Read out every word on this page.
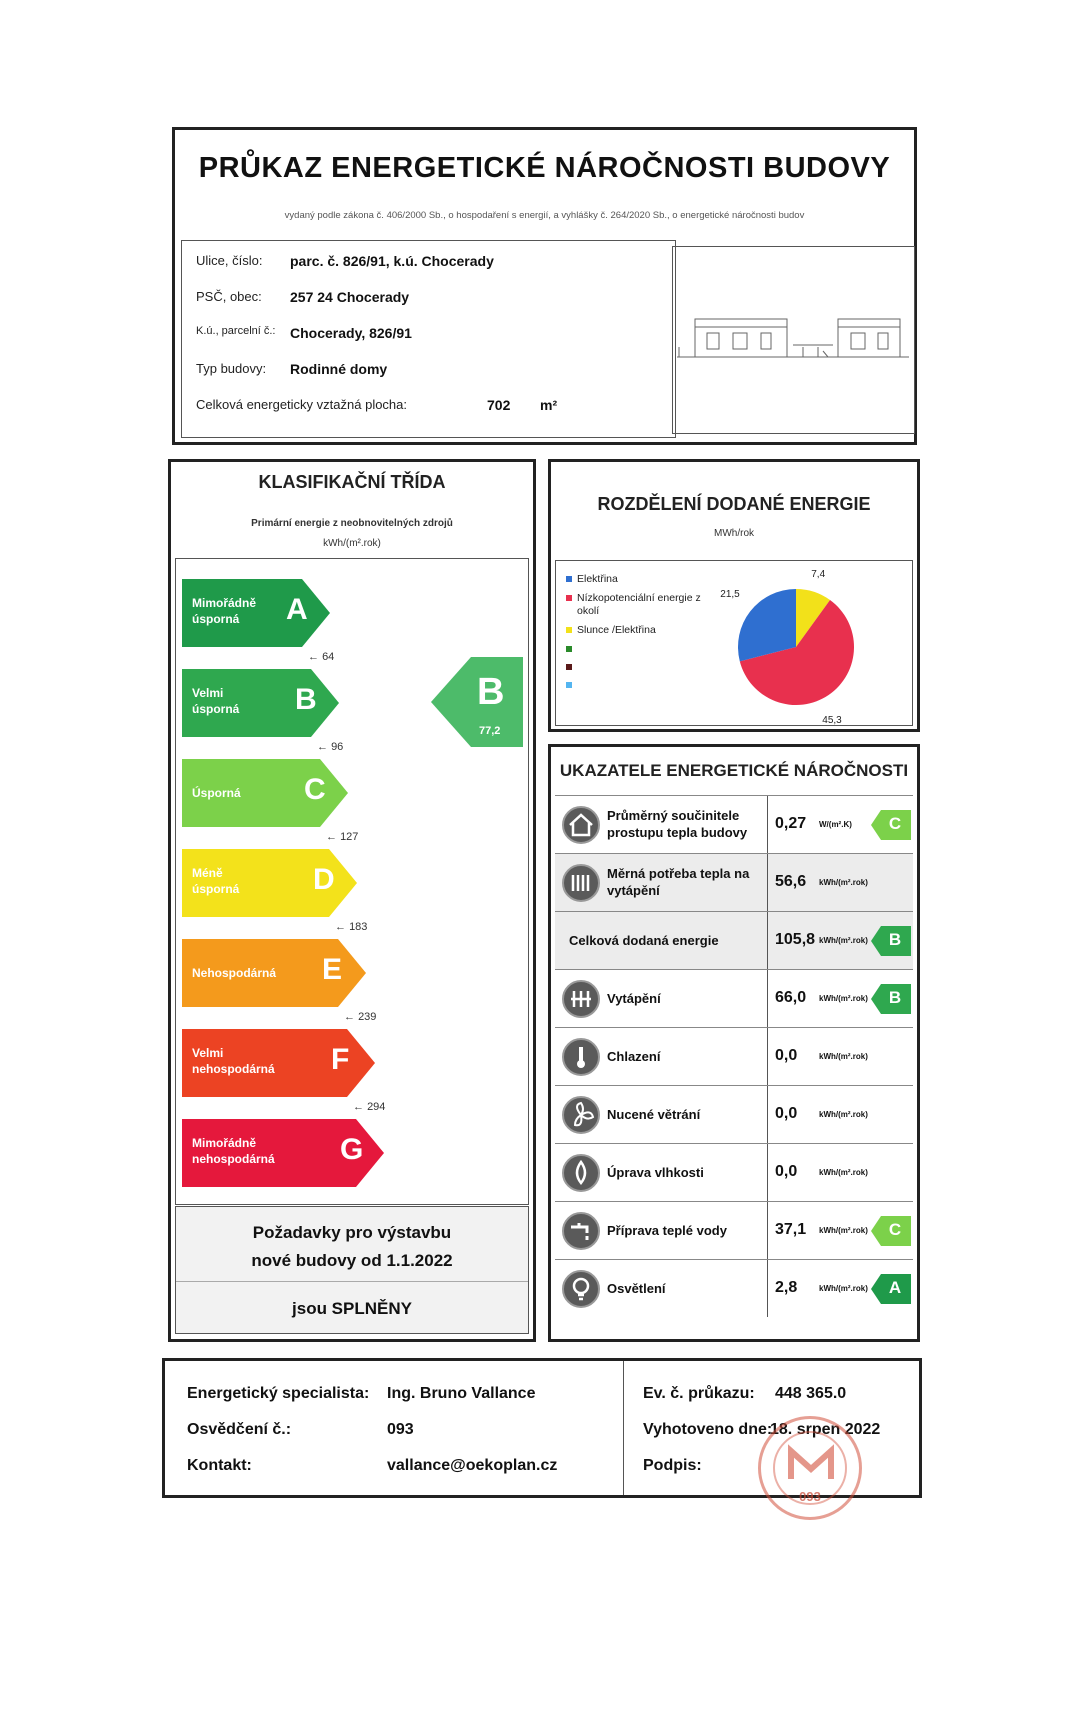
PRŮKAZ ENERGETICKÉ NÁROČNOSTI BUDOVY
vydaný podle zákona č. 406/2000 Sb., o hospodaření s energií, a vyhlášky č. 264/2020 Sb., o energetické náročnosti budov
Ulice, číslo: parc. č. 826/91, k.ú. Chocerady
PSČ, obec: 257 24 Chocerady
K.ú., parcelní č.: Chocerady, 826/91
Typ budovy: Rodinné domy
Celková energeticky vztažná plocha:	702 m²
KLASIFIKAČNÍ TŘÍDA
Primární energie z neobnovitelných zdrojů
kWh/(m².rok)
Mimořádně
úsporná	A
← 64
Velmi
úsporná B
← 96
Úsporná C
← 127
Méně
úsporná D
← 183
Nehospodárná E
← 239
Velmi
nehospodárná F
← 294
Mimořádně
nehospodárná G
B
77,2
Požadavky pro výstavbu
nové budovy od 1.1.2022
jsou SPLNĚNY
ROZDĚLENÍ DODANÉ ENERGIE
MWh/rok
Elektřina
Nízkopotenciální energie z okolí
Slunce /Elektřina
7,4
45,3
21,5
UKAZATELE ENERGETICKÉ NÁROČNOSTI
Průměrný součinitele
prostupu tepla budovy
0,27 W/(m².K)	C
Měrná potřeba tepla na
vytápění
56,6 kWh/(m².rok)
Celková dodaná energie	105,8 kWh/(m².rok)	B
Vytápění	66,0 kWh/(m².rok)	B
Chlazení	0,0	kWh/(m².rok)
Nucené větrání	0,0	kWh/(m².rok)
Úprava vlhkosti	0,0	kWh/(m².rok)
Příprava teplé vody	37,1 kWh/(m².rok)	C
Osvětlení	2,8	kWh/(m².rok)	A
Energetický specialista: Ing. Bruno Vallance
Osvědčení č.:	093
Kontakt:	vallance@oekoplan.cz
Ev. č. průkazu: 448 365.0
Vyhotoveno dne:
18. srpen 2022
Podpis:
093
